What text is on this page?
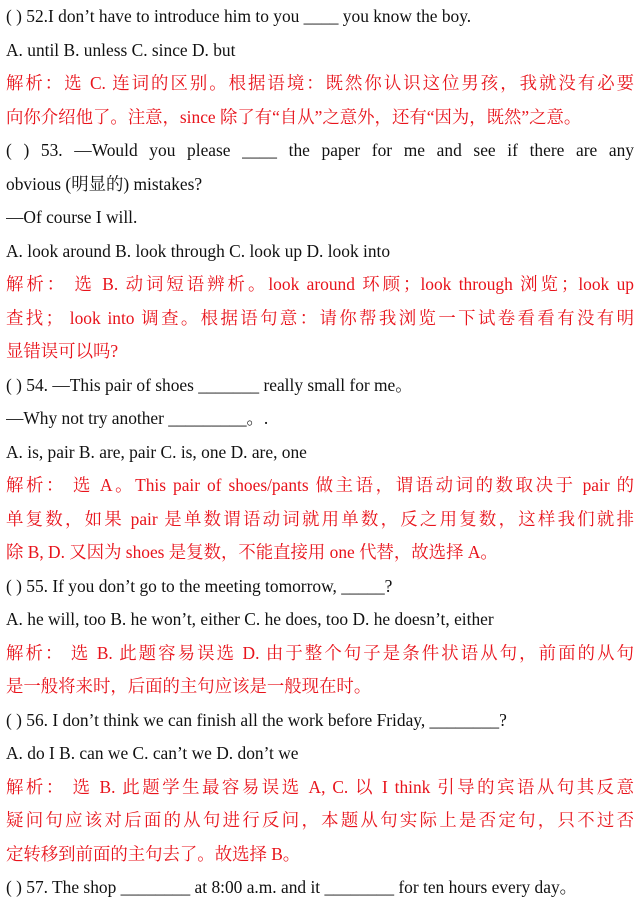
( ) 52.I don’t have to introduce him to you ____ you know the boy.
A. until B. unless C. since D. but
解析：选 C. 连词的区别。根据语境：既然你认识这位男孩，我就没有必要
向你介绍他了。注意，since 除了有“自从”之意外，还有“因为，既然”之意。
( ) 53. —Would you please ____ the paper for me and see if there are any
obvious (明显的) mistakes?
—Of course I will.
A. look around B. look through C. look up D. look into
解析： 选 B. 动词短语辨析。look around 环顾；look through 浏览；look up
查找； look into 调查。根据语句意：请你帮我浏览一下试卷看看有没有明
显错误可以吗?
( ) 54. —This pair of shoes _______ really small for me。
—Why not try another _________。.
A. is, pair B. are, pair C. is, one D. are, one
解析： 选 A。This pair of shoes/pants 做主语，谓语动词的数取决于 pair 的
单复数，如果 pair 是单数谓语动词就用单数，反之用复数，这样我们就排
除 B, D. 又因为 shoes 是复数，不能直接用 one 代替，故选择 A。
( ) 55. If you don’t go to the meeting tomorrow, _____?
A. he will, too B. he won’t, either C. he does, too D. he doesn’t, either
解析： 选 B. 此题容易误选 D. 由于整个句子是条件状语从句，前面的从句
是一般将来时，后面的主句应该是一般现在时。
( ) 56. I don’t think we can finish all the work before Friday, ________?
A. do I B. can we C. can’t we D. don’t we
解析： 选 B. 此题学生最容易误选 A, C. 以 I think 引导的宾语从句其反意
疑问句应该对后面的从句进行反问，本题从句实际上是否定句，只不过否
定转移到前面的主句去了。故选择 B。
( ) 57. The shop ________ at 8:00 a.m. and it ________ for ten hours every day。
